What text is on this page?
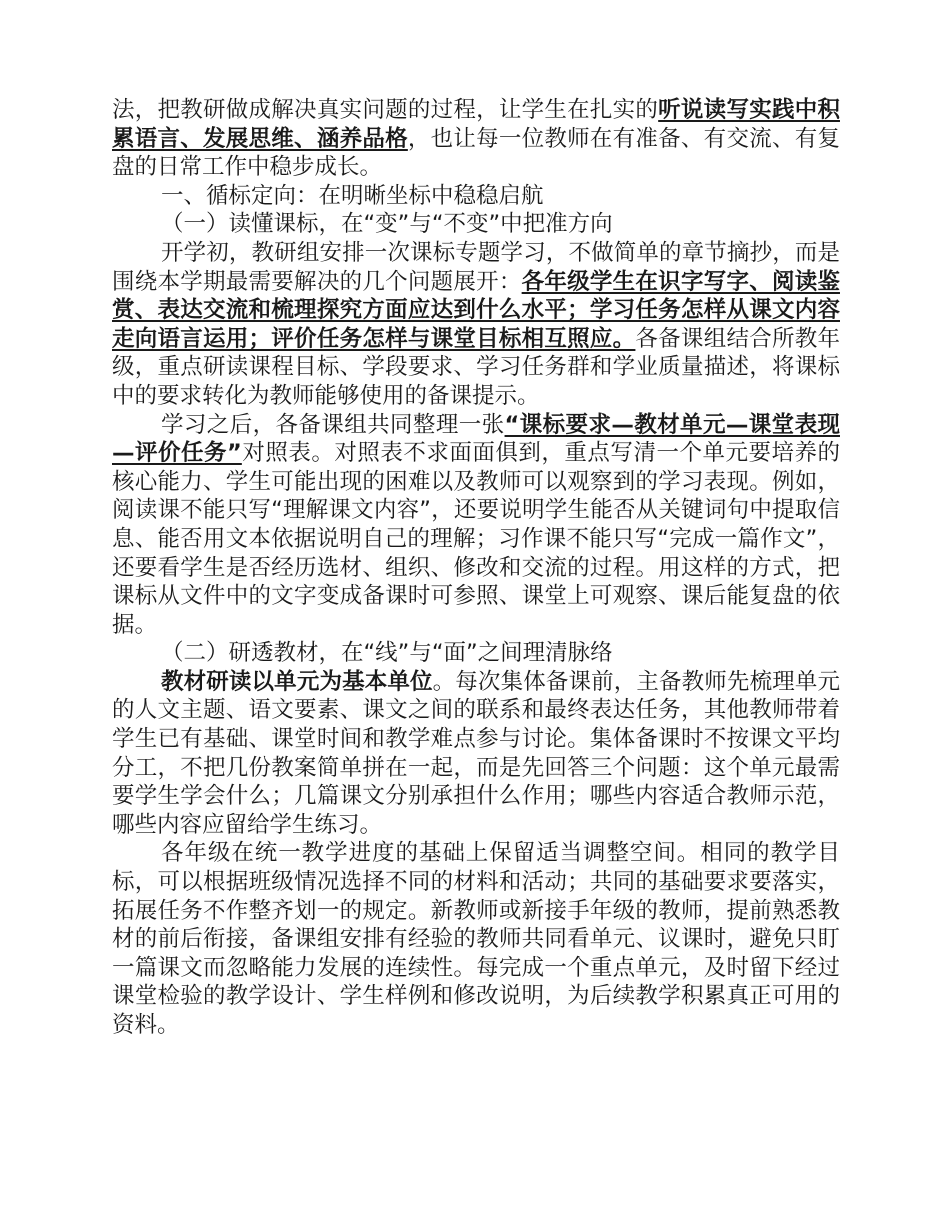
法，把教研做成解决真实问题的过程，让学生在扎实的听说读写实践中积累语言、发展思维、涵养品格，也让每一位教师在有准备、有交流、有复盘的日常工作中稳步成长。

一、循标定向：在明晰坐标中稳稳启航

（一）读懂课标，在“变”与“不变”中把准方向

开学初，教研组安排一次课标专题学习，不做简单的章节摘抄，而是围绕本学期最需要解决的几个问题展开：各年级学生在识字写字、阅读鉴赏、表达交流和梳理探究方面应达到什么水平；学习任务怎样从课文内容走向语言运用；评价任务怎样与课堂目标相互照应。各备课组结合所教年级，重点研读课程目标、学段要求、学习任务群和学业质量描述，将课标中的要求转化为教师能够使用的备课提示。

学习之后，各备课组共同整理一张“课标要求—教材单元—课堂表现—评价任务”对照表。对照表不求面面俱到，重点写清一个单元要培养的核心能力、学生可能出现的困难以及教师可以观察到的学习表现。例如，阅读课不能只写“理解课文内容”，还要说明学生能否从关键词句中提取信息、能否用文本依据说明自己的理解；习作课不能只写“完成一篇作文”，还要看学生是否经历选材、组织、修改和交流的过程。用这样的方式，把课标从文件中的文字变成备课时可参照、课堂上可观察、课后能复盘的依据。

（二）研透教材，在“线”与“面”之间理清脉络

教材研读以单元为基本单位。每次集体备课前，主备教师先梳理单元的人文主题、语文要素、课文之间的联系和最终表达任务，其他教师带着学生已有基础、课堂时间和教学难点参与讨论。集体备课时不按课文平均分工，不把几份教案简单拼在一起，而是先回答三个问题：这个单元最需要学生学会什么；几篇课文分别承担什么作用；哪些内容适合教师示范，哪些内容应留给学生练习。

各年级在统一教学进度的基础上保留适当调整空间。相同的教学目标，可以根据班级情况选择不同的材料和活动；共同的基础要求要落实，拓展任务不作整齐划一的规定。新教师或新接手年级的教师，提前熟悉教材的前后衔接，备课组安排有经验的教师共同看单元、议课时，避免只盯一篇课文而忽略能力发展的连续性。每完成一个重点单元，及时留下经过课堂检验的教学设计、学生样例和修改说明，为后续教学积累真正可用的资料。
